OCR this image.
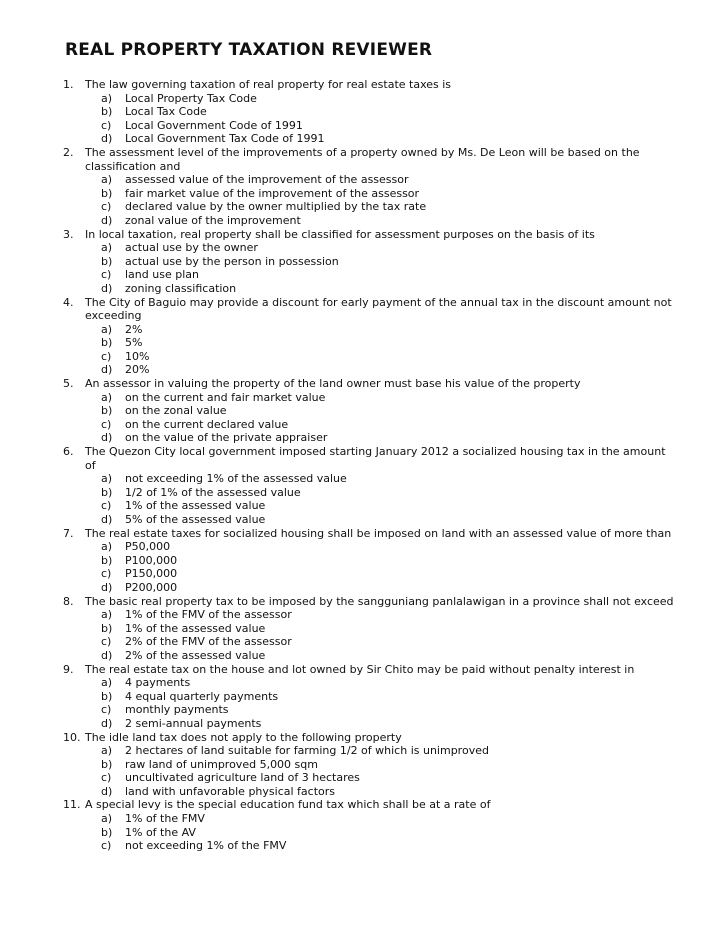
REAL PROPERTY TAXATION REVIEWER
1.	The law governing taxation of real property for real estate taxes is
a)	Local Property Tax Code
b)	Local Tax Code
c)	Local Government Code of 1991
d)	Local Government Tax Code of 1991
2.	The assessment level of the improvements of a property owned by Ms. De Leon will be based on the classification and
a)	assessed value of the improvement of the assessor
b)	fair market value of the improvement of the assessor
c)	declared value by the owner multiplied by the tax rate
d)	zonal value of the improvement
3.	In local taxation, real property shall be classified for assessment purposes on the basis of its
a)	actual use by the owner
b)	actual use by the person in possession
c)	land use plan
d)	zoning classification
4.	The City of Baguio may provide a discount for early payment of the annual tax in the discount amount not exceeding
a)	2%
b)	5%
c)	10%
d)	20%
5.	An assessor in valuing the property of the land owner must base his value of the property
a)	on the current and fair market value
b)	on the zonal value
c)	on the current declared value
d)	on the value of the private appraiser
6.	The Quezon City local government imposed starting January 2012 a socialized housing tax in the amount of
a)	not exceeding 1% of the assessed value
b)	1/2 of 1% of the assessed value
c)	1% of the assessed value
d)	5% of the assessed value
7.	The real estate taxes for socialized housing shall be imposed on land with an assessed value of more than
a)	P50,000
b)	P100,000
c)	P150,000
d)	P200,000
8.	The basic real property tax to be imposed by the sangguniang panlalawigan in a province shall not exceed
a)	1% of the FMV of the assessor
b)	1% of the assessed value
c)	2% of the FMV of the assessor
d)	2% of the assessed value
9.	The real estate tax on the house and lot owned by Sir Chito may be paid without penalty interest in
a)	4 payments
b)	4 equal quarterly payments
c)	monthly payments
d)	2 semi-annual payments
10. The idle land tax does not apply to the following property
a)	2 hectares of land suitable for farming 1/2 of which is unimproved
b)	raw land of unimproved 5,000 sqm
c)	uncultivated agriculture land of 3 hectares
d)	land with unfavorable physical factors
11. A special levy is the special education fund tax which shall be at a rate of
a)	1% of the FMV
b)	1% of the AV
c)	not exceeding 1% of the FMV
